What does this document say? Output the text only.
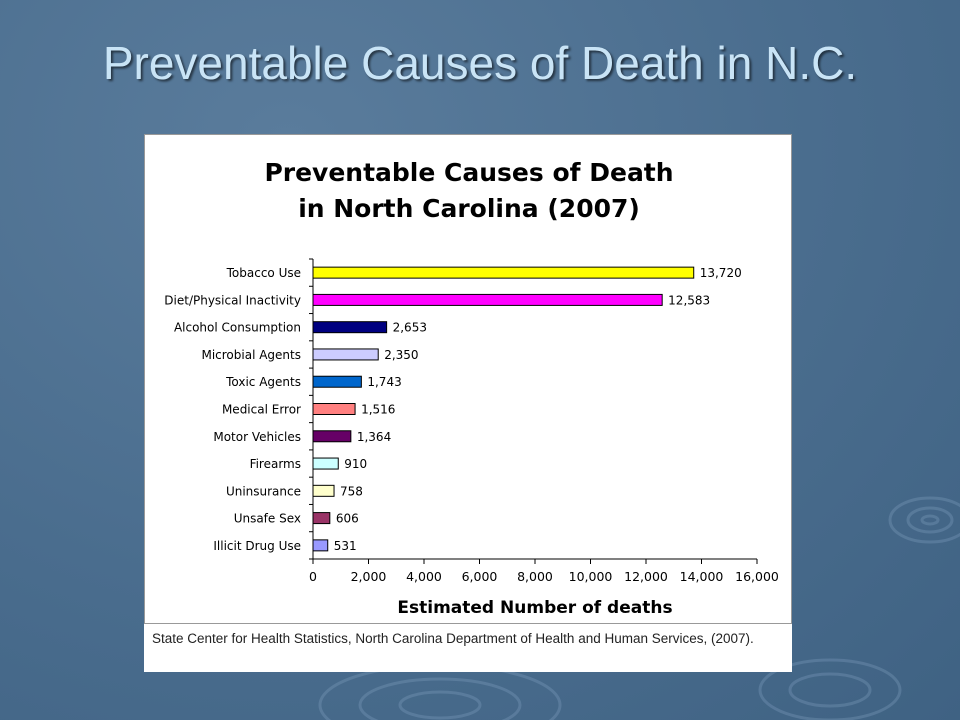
Preventable Causes of Death in N.C.
Preventable Causes of Death
in North Carolina (2007)
Tobacco Use	13,720
Diet/Physical Inactivity	12,583
Alcohol Consumption	2,653
Microbial Agents	2,350
Toxic Agents	1,743
Medical Error	1,516
Motor Vehicles	1,364
Firearms	910
Uninsurance	758
Unsafe Sex	606
Illicit Drug Use	531
0	2,000 4,000 6,000 8,000 10,000 12,000 14,000 16,000
Estimated Number of deaths
State Center for Health Statistics, North Carolina Department of Health and Human Services, (2007).
